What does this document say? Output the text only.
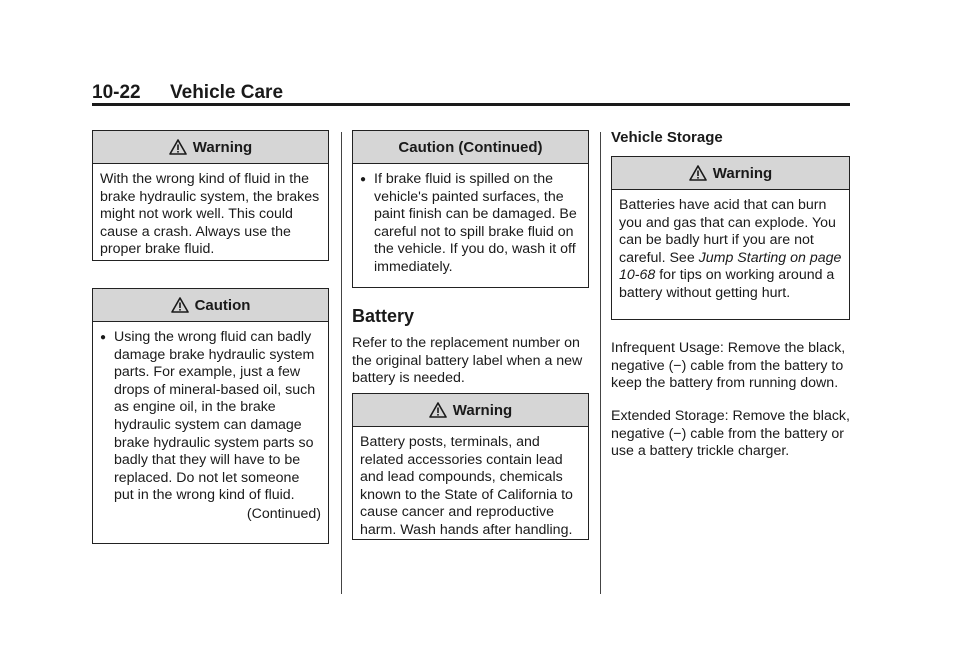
10-22 Vehicle Care
Warning
With the wrong kind of fluid in the brake hydraulic system, the brakes might not work well. This could cause a crash. Always use the proper brake fluid.
Caution
● Using the wrong fluid can badly damage brake hydraulic system parts. For example, just a few drops of mineral-based oil, such as engine oil, in the brake hydraulic system can damage brake hydraulic system parts so badly that they will have to be replaced. Do not let someone put in the wrong kind of fluid.
(Continued)
Caution (Continued)
● If brake fluid is spilled on the vehicle's painted surfaces, the paint finish can be damaged. Be careful not to spill brake fluid on the vehicle. If you do, wash it off immediately.
Battery
Refer to the replacement number on the original battery label when a new battery is needed.
Warning
Battery posts, terminals, and related accessories contain lead and lead compounds, chemicals known to the State of California to cause cancer and reproductive harm. Wash hands after handling.
Vehicle Storage
Warning
Batteries have acid that can burn you and gas that can explode. You can be badly hurt if you are not careful. See Jump Starting on page 10-68 for tips on working around a battery without getting hurt.
Infrequent Usage: Remove the black, negative (−) cable from the battery to keep the battery from running down.
Extended Storage: Remove the black, negative (−) cable from the battery or use a battery trickle charger.
